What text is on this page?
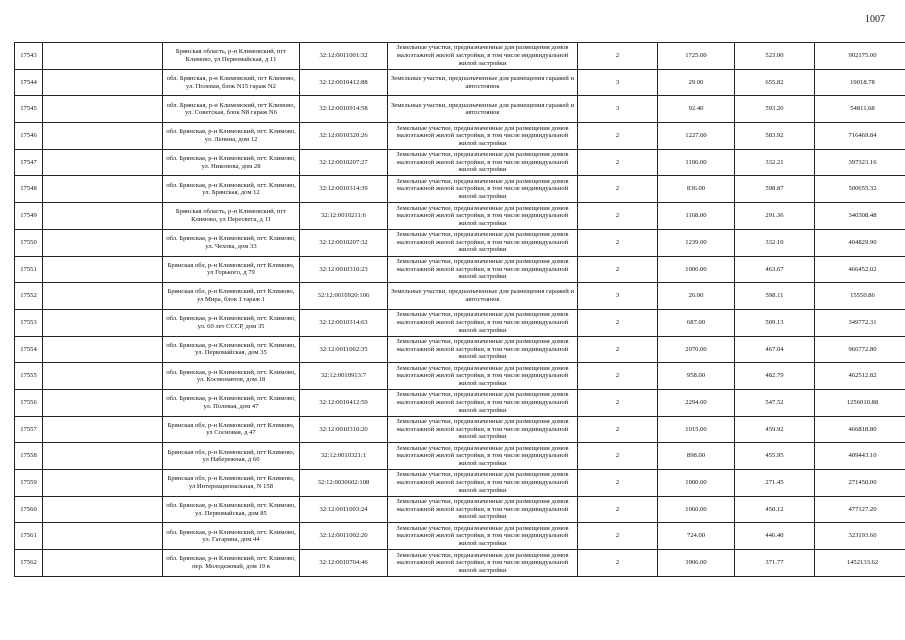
1007
17543		Брянская область, р-н Климовский, пгт Климово, ул Первомайская, д 11	32:12:0011001:32	Земельные участки, предназначенные для размещения домов малоэтажной жилой застройки, в том числе индивидуальной жилой застройки	2	1725.00	523.00	902175.00
17544		обл. Брянская, р-н Климовский, пгт Климово, ул. Полевая, блок N15 гараж N2	32:12:0010412:88	Земельные участки, предназначенные для размещения гаражей и автостоянок	3	29.00	655.82	19018.78
17545		обл. Брянская, р-н Климовский, пгт Климово, ул. Советская, блок N8 гараж N6	32:12:0010914:58	Земельные участки, предназначенные для размещения гаражей и автостоянок	3	92.40	593.20	54811.68
17546		обл. Брянская, р-н Климовский, пгт. Климово, ул. Ленина, дом 12	32:12:0010320:26	Земельные участки, предназначенные для размещения домов малоэтажной жилой застройки, в том числе индивидуальной жилой застройки	2	1227.00	583.92	716469.84
17547		обл. Брянская, р-н Климовский, пгт. Климово, ул. Никонова, дом 28	32:12:0010207:27	Земельные участки, предназначенные для размещения домов малоэтажной жилой застройки, в том числе индивидуальной жилой застройки	2	1196.00	332.21	397323.16
17548		обл. Брянская, р-н Климовский, пгт. Климово, ул. Брянская, дом 12	32:12:0010314:39	Земельные участки, предназначенные для размещения домов малоэтажной жилой застройки, в том числе индивидуальной жилой застройки	2	836.00	598.87	500655.32
17549		Брянская область, р-н Климовский, пгт Климово, ул Пересвета, д 11	32:12:0010211:6	Земельные участки, предназначенные для размещения домов малоэтажной жилой застройки, в том числе индивидуальной жилой застройки	2	1168.00	291.36	340308.48
17550		обл. Брянская, р-н Климовский, пгт. Климово, ул. Чехова, дом 33	32:12:0010207:32	Земельные участки, предназначенные для размещения домов малоэтажной жилой застройки, в том числе индивидуальной жилой застройки	2	1239.00	332.10	404829.90
17551		Брянская обл, р-н Климовский, пгт Климово, ул Горького, д 79	32:12:0010310:23	Земельные участки, предназначенные для размещения домов малоэтажной жилой застройки, в том числе индивидуальной жилой застройки	2	1006.00	463.67	466452.02
17552		Брянская обл, р-н Климовский, пгт Климово, ул Мира, блок 1 гараж 1	32:12:0010920:106	Земельные участки, предназначенные для размещения гаражей и автостоянок	3	26.00	598.11	15550.86
17553		обл. Брянская, р-н Климовский, пгт. Климово, ул. 60 лет СССР, дом 35	32:12:0010314:63	Земельные участки, предназначенные для размещения домов малоэтажной жилой застройки, в том числе индивидуальной жилой застройки	2	687.00	509.13	349772.31
17554		обл. Брянская, р-н Климовский, пгт. Климово, ул. Первомайская, дом 35	32:12:0011002:35	Земельные участки, предназначенные для размещения домов малоэтажной жилой застройки, в том числе индивидуальной жилой застройки	2	2070.00	467.04	966772.80
17555		обл. Брянская, р-н Климовский, пгт. Климово, ул. Космонавтов, дом 18	32:12:0010913:7	Земельные участки, предназначенные для размещения домов малоэтажной жилой застройки, в том числе индивидуальной жилой застройки	2	958.00	482.79	462512.82
17556		обл. Брянская, р-н Климовский, пгт. Климово, ул. Полевая, дом 47	32:12:0010412:59	Земельные участки, предназначенные для размещения домов малоэтажной жилой застройки, в том числе индивидуальной жилой застройки	2	2294.00	547.52	1256010.88
17557		Брянская обл, р-н Климовский, пгт Климово, ул Сосновая, д 47	32:12:0010310:20	Земельные участки, предназначенные для размещения домов малоэтажной жилой застройки, в том числе индивидуальной жилой застройки	2	1015.00	459.92	466818.80
17558		Брянская обл, р-н Климовский, пгт Климово, ул Набережная, д 60	32:12:0010321:1	Земельные участки, предназначенные для размещения домов малоэтажной жилой застройки, в том числе индивидуальной жилой застройки	2	898.00	455.95	409443.10
17559		Брянская обл, р-н Климовский, пгт Климово, ул Интернациональная, N 158	32:12:0030602:108	Земельные участки, предназначенные для размещения домов малоэтажной жилой застройки, в том числе индивидуальной жилой застройки	2	1000.00	271.45	271450.00
17560		обл. Брянская, р-н Климовский, пгт. Климово, ул. Первомайская, дом 85	32:12:0011003:24	Земельные участки, предназначенные для размещения домов малоэтажной жилой застройки, в том числе индивидуальной жилой застройки	2	1060.00	450.12	477127.20
17561		обл. Брянская, р-н Климовский, пгт. Климово, ул. Гагарина, дом 44	32:12:0011002:20	Земельные участки, предназначенные для размещения домов малоэтажной жилой застройки, в том числе индивидуальной жилой застройки	2	724.00	446.40	323193.60
17562		обл. Брянская, р-н Климовский, пгт. Климово, пер. Молодежный, дом 19 в	32:12:0010704:46	Земельные участки, предназначенные для размещения домов малоэтажной жилой застройки, в том числе индивидуальной жилой застройки	2	3906.00	371.77	1452133.62
